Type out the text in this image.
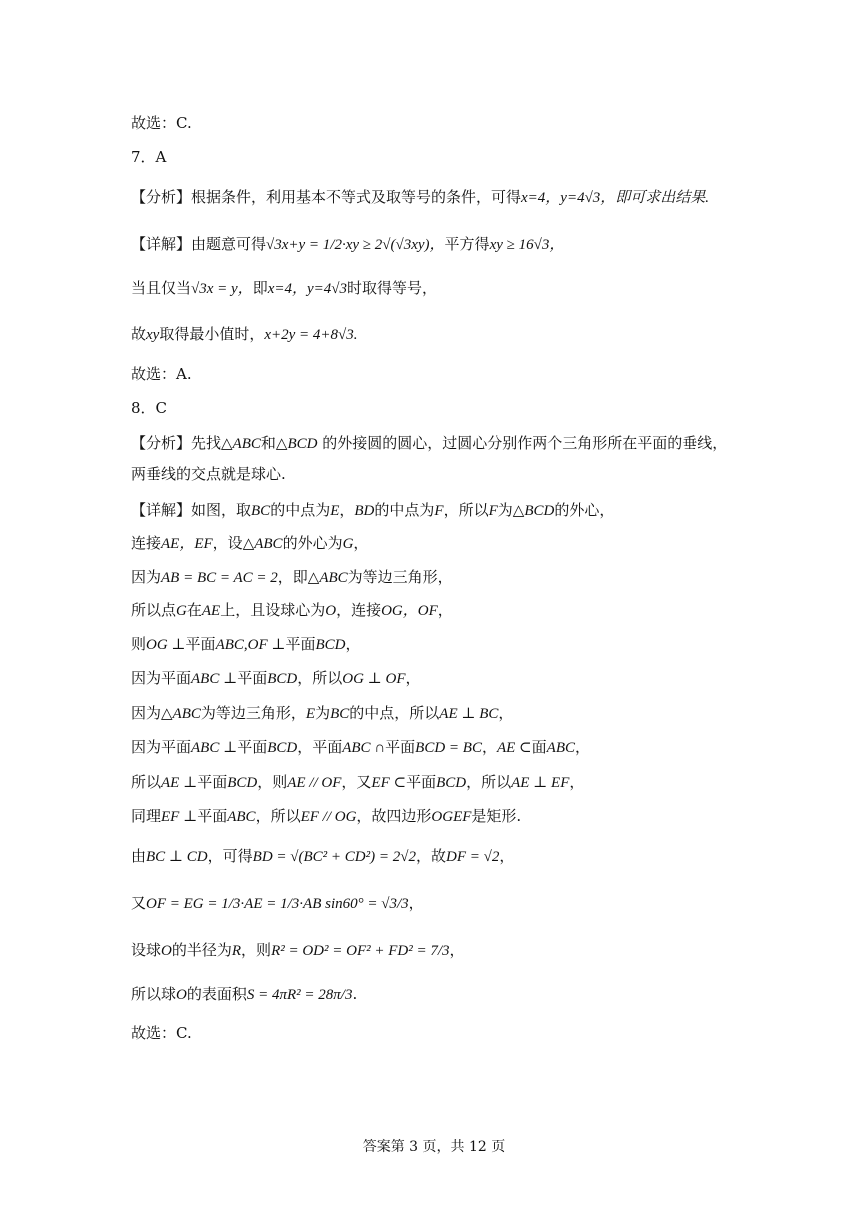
故选：C.
7．A
【分析】根据条件，利用基本不等式及取等号的条件，可得x=4，y=4√3，即可求出结果.
【详解】由题意可得√3x+y = 1/2·xy ≥ 2√(√3xy)，平方得xy ≥ 16√3，
当且仅当√3x = y，即x=4，y=4√3时取得等号，
故xy取得最小值时，x+2y = 4+8√3.
故选：A.
8．C
【分析】先找△ABC和△BCD 的外接圆的圆心，过圆心分别作两个三角形所在平面的垂线，
两垂线的交点就是球心.
【详解】如图，取BC的中点为E，BD的中点为F，所以F为△BCD的外心，
连接AE，EF，设△ABC的外心为G，
因为AB = BC = AC = 2，即△ABC为等边三角形，
所以点G在AE上，且设球心为O，连接OG，OF，
则OG ⊥平面ABC,OF ⊥平面BCD，
因为平面ABC ⊥平面BCD，所以OG ⊥ OF，
因为△ABC为等边三角形，E为BC的中点，所以AE ⊥ BC，
因为平面ABC ⊥平面BCD，平面ABC ∩平面BCD = BC，AE ⊂面ABC，
所以AE ⊥平面BCD，则AE // OF，又EF ⊂平面BCD，所以AE ⊥ EF，
同理EF ⊥平面ABC，所以EF // OG，故四边形OGEF是矩形.
由BC ⊥ CD，可得BD = √(BC² + CD²) = 2√2，故DF = √2，
又OF = EG = 1/3·AE = 1/3·AB sin60° = √3/3，
设球O的半径为R，则R² = OD² = OF² + FD² = 7/3，
所以球O的表面积S = 4πR² = 28π/3.
故选：C.
答案第 3 页，共 12 页
